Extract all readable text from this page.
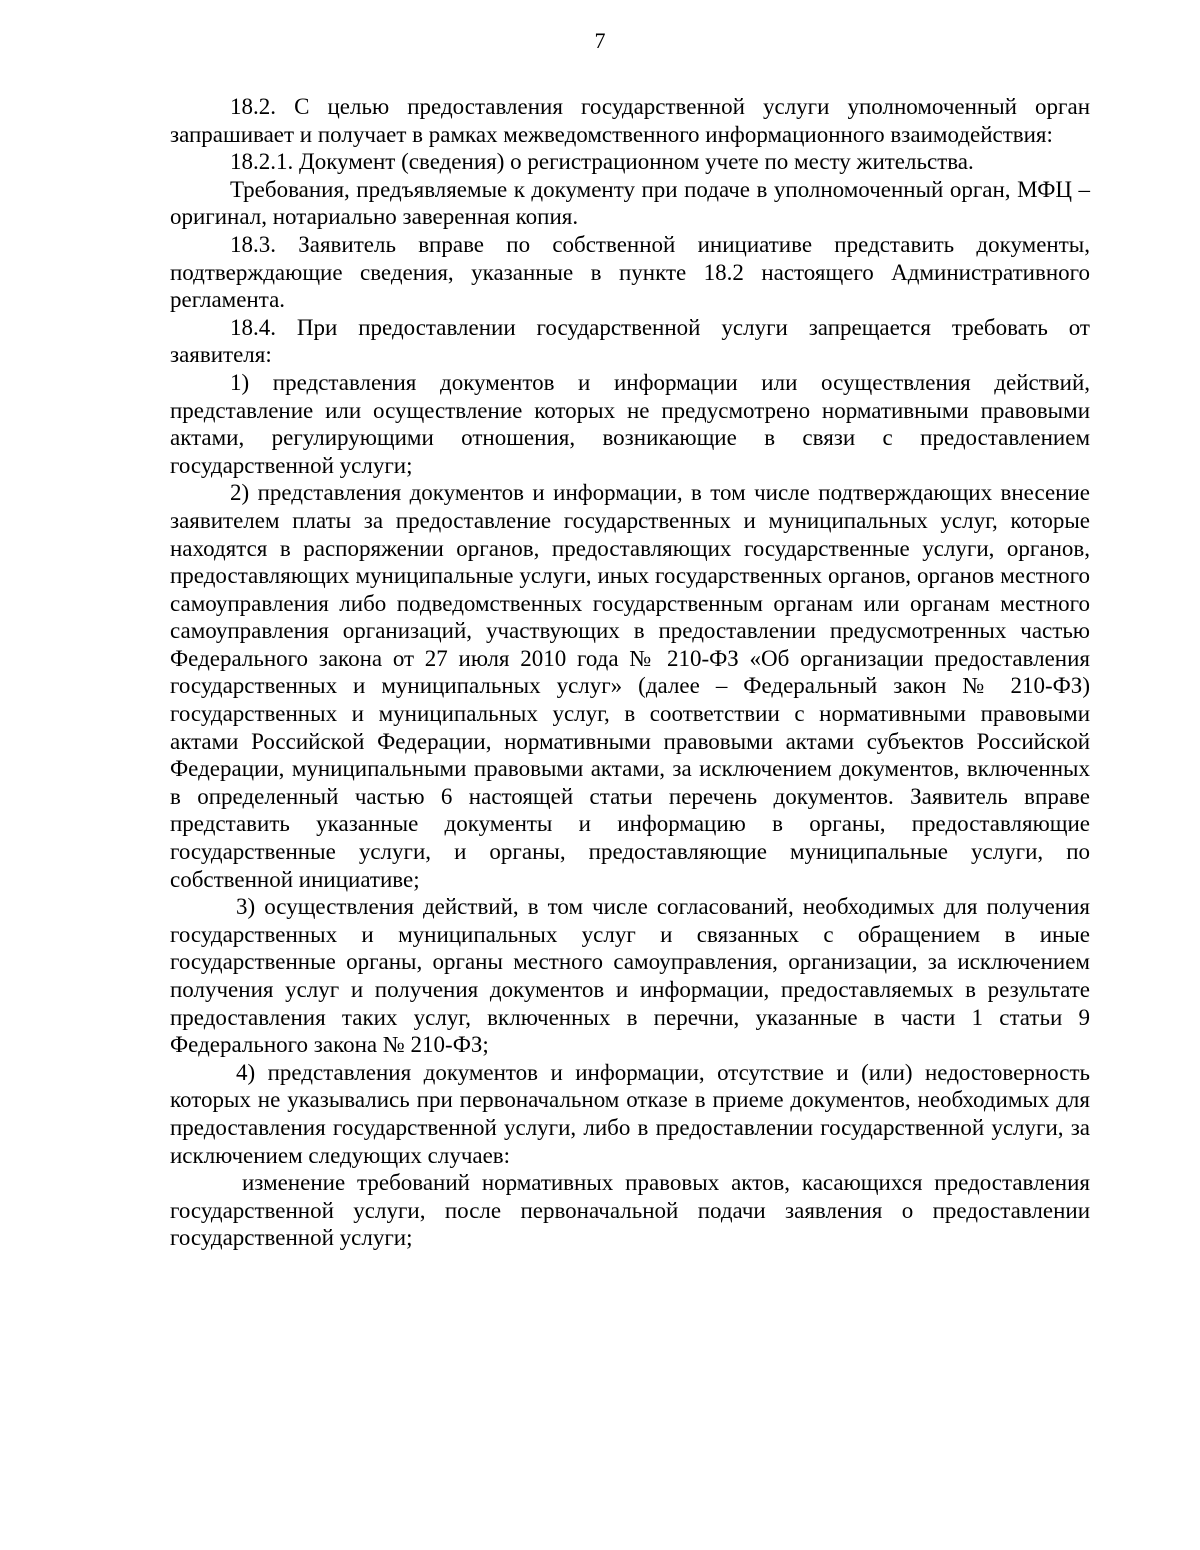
7

18.2. С целью предоставления государственной услуги уполномоченный орган запрашивает и получает в рамках межведомственного информационного взаимодействия:

18.2.1. Документ (сведения) о регистрационном учете по месту жительства.

Требования, предъявляемые к документу при подаче в уполномоченный орган, МФЦ – оригинал, нотариально заверенная копия.

18.3. Заявитель вправе по собственной инициативе представить документы, подтверждающие сведения, указанные в пункте 18.2 настоящего Административного регламента.

18.4. При предоставлении государственной услуги запрещается требовать от заявителя:

1) представления документов и информации или осуществления действий, представление или осуществление которых не предусмотрено нормативными правовыми актами, регулирующими отношения, возникающие в связи с предоставлением государственной услуги;

2) представления документов и информации, в том числе подтверждающих внесение заявителем платы за предоставление государственных и муниципальных услуг, которые находятся в распоряжении органов, предоставляющих государственные услуги, органов, предоставляющих муниципальные услуги, иных государственных органов, органов местного самоуправления либо подведомственных государственным органам или органам местного самоуправления организаций, участвующих в предоставлении предусмотренных частью Федерального закона от 27 июля 2010 года № 210-ФЗ «Об организации предоставления государственных и муниципальных услуг» (далее – Федеральный закон № 210-ФЗ) государственных и муниципальных услуг, в соответствии с нормативными правовыми актами Российской Федерации, нормативными правовыми актами субъектов Российской Федерации, муниципальными правовыми актами, за исключением документов, включенных в определенный частью 6 настоящей статьи перечень документов. Заявитель вправе представить указанные документы и информацию в органы, предоставляющие государственные услуги, и органы, предоставляющие муниципальные услуги, по собственной инициативе;

3) осуществления действий, в том числе согласований, необходимых для получения государственных и муниципальных услуг и связанных с обращением в иные государственные органы, органы местного самоуправления, организации, за исключением получения услуг и получения документов и информации, предоставляемых в результате предоставления таких услуг, включенных в перечни, указанные в части 1 статьи 9 Федерального закона № 210-ФЗ;

4) представления документов и информации, отсутствие и (или) недостоверность которых не указывались при первоначальном отказе в приеме документов, необходимых для предоставления государственной услуги, либо в предоставлении государственной услуги, за исключением следующих случаев:

изменение требований нормативных правовых актов, касающихся предоставления государственной услуги, после первоначальной подачи заявления о предоставлении государственной услуги;
